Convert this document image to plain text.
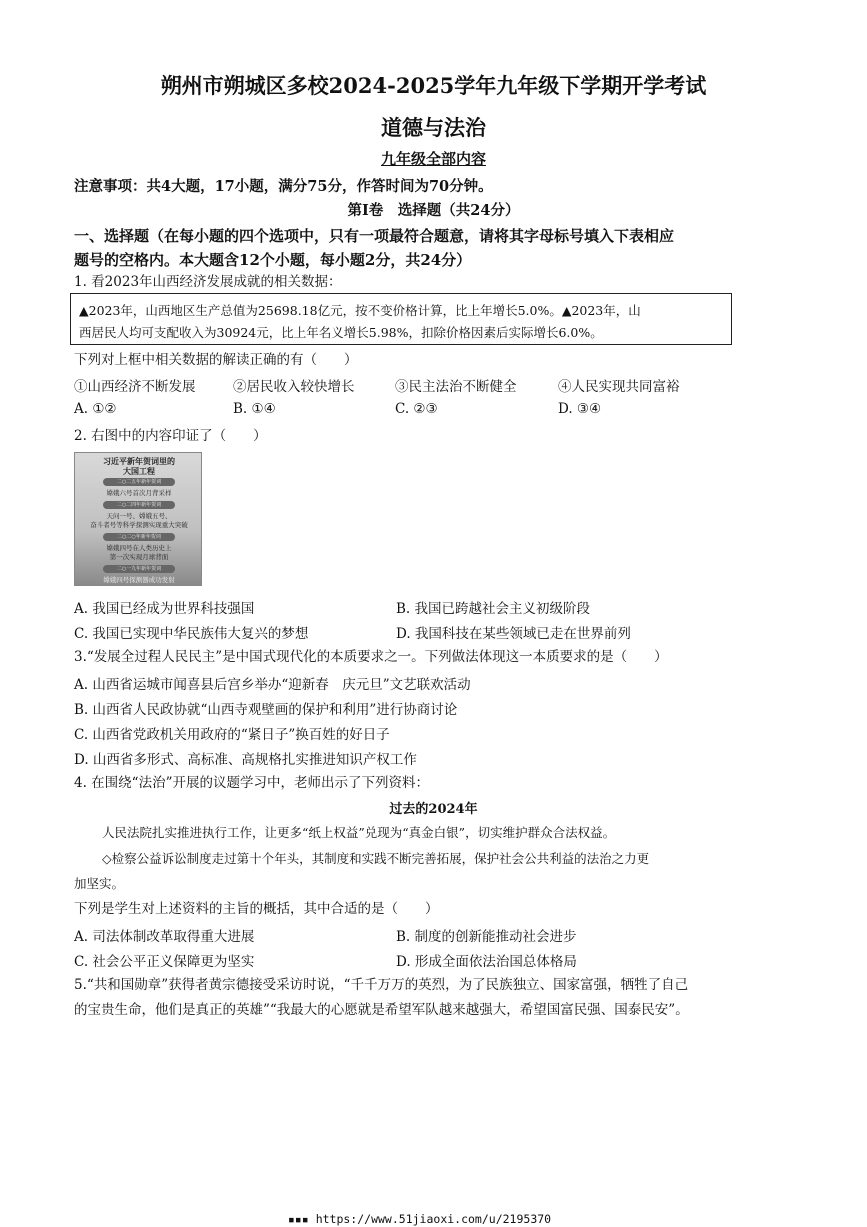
朔州市朔城区多校2024-2025学年九年级下学期开学考试
道德与法治
九年级全部内容
注意事项：共4大题，17小题，满分75分，作答时间为70分钟。
第Ⅰ卷　选择题（共24分）
一、选择题（在每小题的四个选项中，只有一项最符合题意，请将其字母标号填入下表相应
题号的空格内。本大题含12个小题，每小题2分，共24分）
1. 看2023年山西经济发展成就的相关数据：
▲2023年，山西地区生产总值为25698.18亿元，按不变价格计算，比上年增长5.0%。▲2023年，山
西居民人均可支配收入为30924元，比上年名义增长5.98%，扣除价格因素后实际增长6.0%。
下列对上框中相关数据的解读正确的有（　　）
①山西经济不断发展	②居民收入较快增长	③民主法治不断健全	④人民实现共同富裕
A. ①②	B. ①④	C. ②③	D. ③④
2. 右图中的内容印证了（　　）
习近平新年贺词里的
大国工程
二○二五年新年贺词
嫦娥六号首次月背采样
二○二四年新年贺词
天问一号、嫦娥五号、
奋斗者号等科学探测实现重大突破
二○二○年新年贺词
嫦娥四号在人类历史上
第一次实现月球背面
二○一九年新年贺词
嫦娥四号探测器成功发射
A. 我国已经成为世界科技强国	B. 我国已跨越社会主义初级阶段
C. 我国已实现中华民族伟大复兴的梦想	D. 我国科技在某些领域已走在世界前列
3.“发展全过程人民民主”是中国式现代化的本质要求之一。下列做法体现这一本质要求的是（　　）
A. 山西省运城市闻喜县后宫乡举办“迎新春　庆元旦”文艺联欢活动
B. 山西省人民政协就“山西寺观壁画的保护和利用”进行协商讨论
C. 山西省党政机关用政府的“紧日子”换百姓的好日子
D. 山西省多形式、高标准、高规格扎实推进知识产权工作
4. 在围绕“法治”开展的议题学习中，老师出示了下列资料：
过去的2024年
人民法院扎实推进执行工作，让更多“纸上权益”兑现为“真金白银”，切实维护群众合法权益。
◇检察公益诉讼制度走过第十个年头，其制度和实践不断完善拓展，保护社会公共利益的法治之力更
加坚实。
下列是学生对上述资料的主旨的概括，其中合适的是（　　）
A. 司法体制改革取得重大进展	B. 制度的创新能推动社会进步
C. 社会公平正义保障更为坚实	D. 形成全面依法治国总体格局
5.“共和国勋章”获得者黄宗德接受采访时说，“千千万万的英烈，为了民族独立、国家富强，牺牲了自己
的宝贵生命，他们是真正的英雄”“我最大的心愿就是希望军队越来越强大，希望国富民强、国泰民安”。
▪▪▪ https://www.51jiaoxi.com/u/2195370
